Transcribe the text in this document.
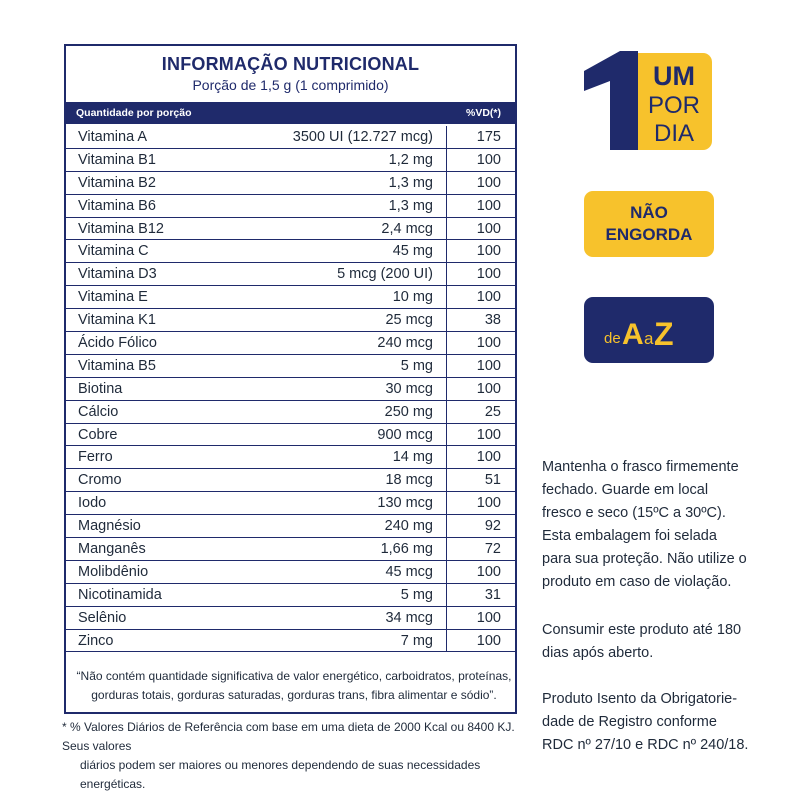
INFORMAÇÃO NUTRICIONAL
Porção de 1,5 g (1 comprimido)
Quantidade por porção	%VD(*)
Vitamina A	3500 UI (12.727 mcg)	175
Vitamina B1	1,2 mg	100
Vitamina B2	1,3 mg	100
Vitamina B6	1,3 mg	100
Vitamina B12	2,4 mcg	100
Vitamina C	45 mg	100
Vitamina D3	5 mcg (200 UI)	100
Vitamina E	10 mg	100
Vitamina K1	25 mcg	38
Ácido Fólico	240 mcg	100
Vitamina B5	5 mg	100
Biotina	30 mcg	100
Cálcio	250 mg	25
Cobre	900 mcg	100
Ferro	14 mg	100
Cromo	18 mcg	51
Iodo	130 mcg	100
Magnésio	240 mg	92
Manganês	1,66 mg	72
Molibdênio	45 mcg	100
Nicotinamida	5 mg	31
Selênio	34 mcg	100
Zinco	7 mg	100
“Não contém quantidade significativa de valor energético, carboidratos, proteínas,
gorduras totais, gorduras saturadas, gorduras trans, fibra alimentar e sódio”.
* % Valores Diários de Referência com base em uma dieta de 2000 Kcal ou 8400 KJ. Seus valores
diários podem ser maiores ou menores dependendo de suas necessidades energéticas.
UM
POR
DIA
NÃO
ENGORDA
de A a Z
Mantenha o frasco firmemente
fechado. Guarde em local
fresco e seco (15ºC a 30ºC).
Esta embalagem foi selada
para sua proteção. Não utilize o
produto em caso de violação.
Consumir este produto até 180
dias após aberto.
Produto Isento da Obrigatorie-
dade de Registro conforme
RDC nº 27/10 e RDC nº 240/18.
